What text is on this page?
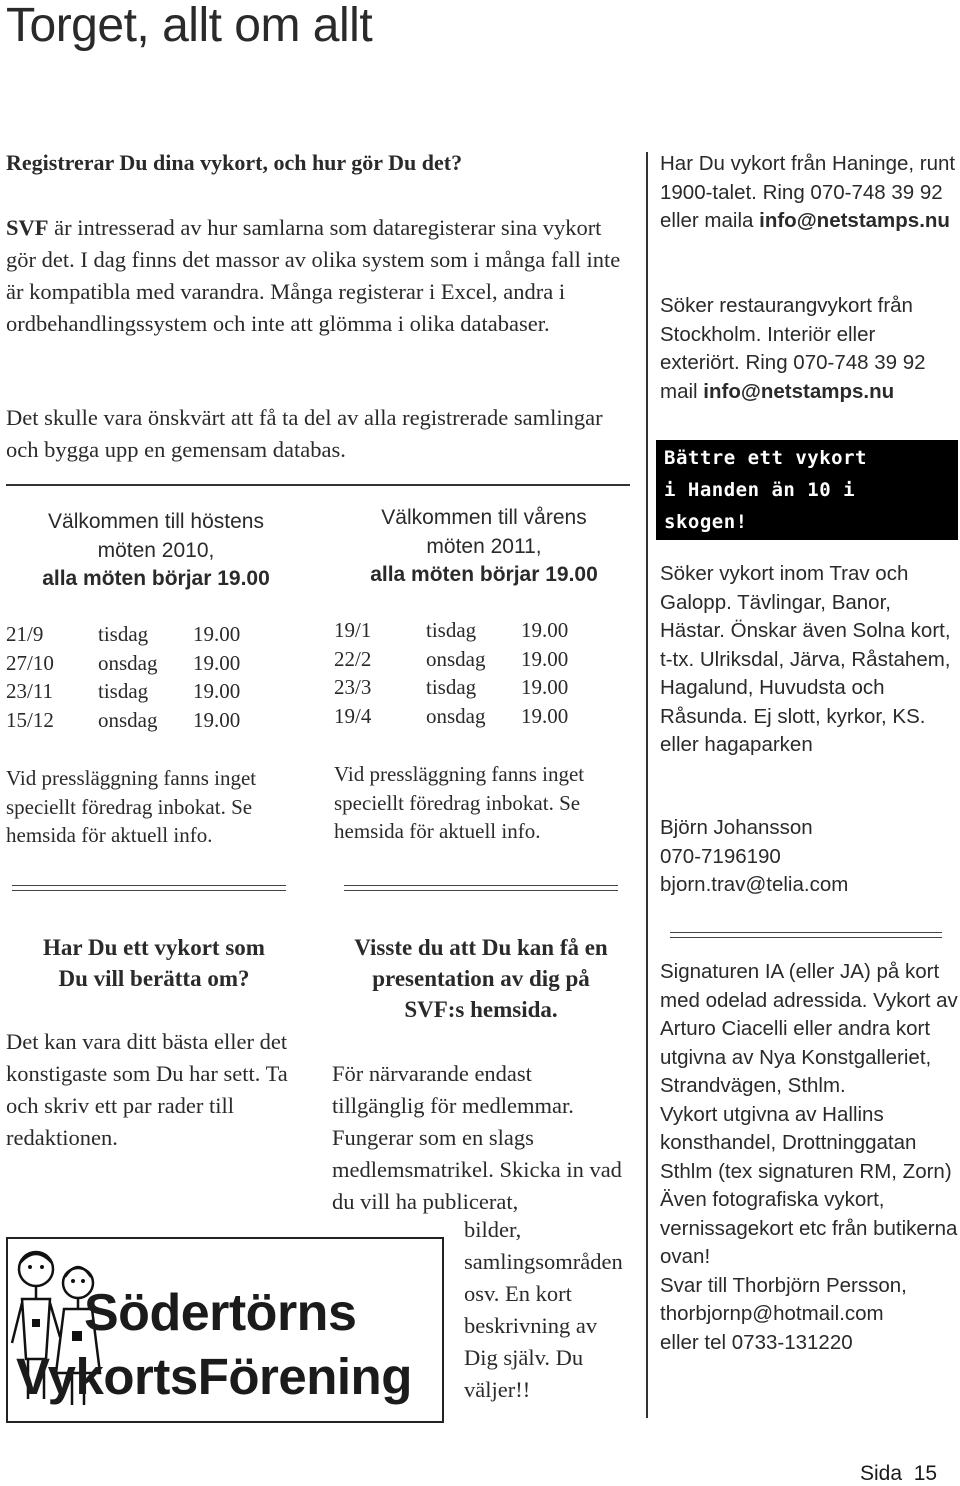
Torget, allt om allt
Registrerar Du dina vykort, och hur gör Du det?
SVF är intresserad av hur samlarna som dataregisterar sina vykort gör det. I dag finns det massor av olika system som i många fall inte är kompatibla med varandra. Många registerar i Excel, andra i ordbehandlingssystem och inte att glömma i olika databaser.
Det skulle vara önskvärt att få ta del av alla registrerade samlingar och bygga upp en gemensam databas.
Välkommen till höstens
möten 2010,
alla möten börjar 19.00
21/9	tisdag	19.00
27/10	onsdag	19.00
23/11	tisdag	19.00
15/12	onsdag	19.00
Vid pressläggning fanns inget speciellt föredrag inbokat. Se hemsida för aktuell info.
Välkommen till vårens
möten 2011,
alla möten börjar 19.00
19/1	tisdag	19.00
22/2	onsdag	19.00
23/3	tisdag	19.00
19/4	onsdag	19.00
Vid pressläggning fanns inget speciellt föredrag inbokat. Se hemsida för aktuell info.
Har Du ett vykort som
Du vill berätta om?
Det kan vara ditt bästa eller det konstigaste som Du har sett. Ta och skriv ett par rader till redaktionen.
Visste du att Du kan få en
presentation av dig på
SVF:s hemsida.
För närvarande endast tillgänglig för medlemmar. Fungerar som en slags medlemsmatrikel. Skicka in vad du vill ha publicerat,
bilder, samlingsområden osv. En kort beskrivning av Dig själv. Du väljer!!
Södertörns
VykortsFörening
Har Du vykort från Haninge, runt 1900-talet. Ring 070-748 39 92 eller maila info@netstamps.nu
Söker restaurangvykort från Stockholm. Interiör eller exteriört. Ring 070-748 39 92 mail info@netstamps.nu
Bättre ett vykort
i Handen än 10 i skogen!
Söker vykort inom Trav och Galopp. Tävlingar, Banor, Hästar. Önskar även Solna kort, t-tx. Ulriksdal, Järva, Råstahem, Hagalund, Huvudsta och Råsunda. Ej slott, kyrkor, KS. eller hagaparken
Björn Johansson
070-7196190
bjorn.trav@telia.com
Signaturen IA (eller JA) på kort med odelad adressida. Vykort av Arturo Ciacelli eller andra kort utgivna av Nya Konstgalleriet, Strandvägen, Sthlm.
Vykort utgivna av Hallins konsthandel, Drottninggatan Sthlm (tex signaturen RM, Zorn)
Även fotografiska vykort, vernissagekort etc från butikerna ovan!
Svar till Thorbjörn Persson,
thorbjornp@hotmail.com
eller tel 0733-131220
Sida  15
